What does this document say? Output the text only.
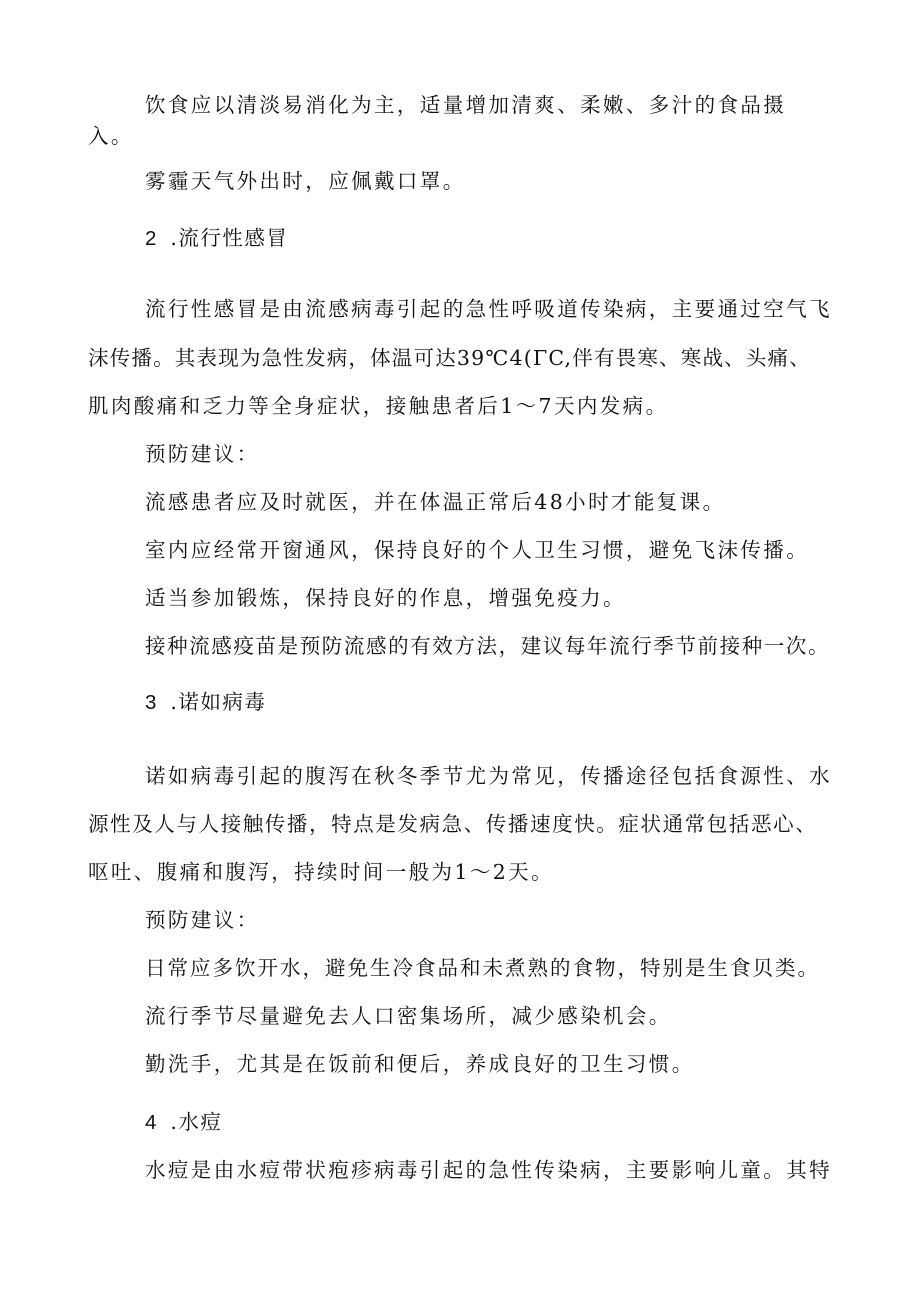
饮食应以清淡易消化为主，适量增加清爽、柔嫩、多汁的食品摄
入。
雾霾天气外出时，应佩戴口罩。
2 .流行性感冒
流行性感冒是由流感病毒引起的急性呼吸道传染病，主要通过空气飞
沫传播。其表现为急性发病，体温可达39℃4(ΓC,伴有畏寒、寒战、头痛、
肌肉酸痛和乏力等全身症状，接触患者后1～7天内发病。
预防建议：
流感患者应及时就医，并在体温正常后48小时才能复课。
室内应经常开窗通风，保持良好的个人卫生习惯，避免飞沫传播。
适当参加锻炼，保持良好的作息，增强免疫力。
接种流感疫苗是预防流感的有效方法，建议每年流行季节前接种一次。
3 .诺如病毒
诺如病毒引起的腹泻在秋冬季节尤为常见，传播途径包括食源性、水
源性及人与人接触传播，特点是发病急、传播速度快。症状通常包括恶心、
呕吐、腹痛和腹泻，持续时间一般为1～2天。
预防建议：
日常应多饮开水，避免生冷食品和未煮熟的食物，特别是生食贝类。
流行季节尽量避免去人口密集场所，减少感染机会。
勤洗手，尤其是在饭前和便后，养成良好的卫生习惯。
4 .水痘
水痘是由水痘带状疱疹病毒引起的急性传染病，主要影响儿童。其特
